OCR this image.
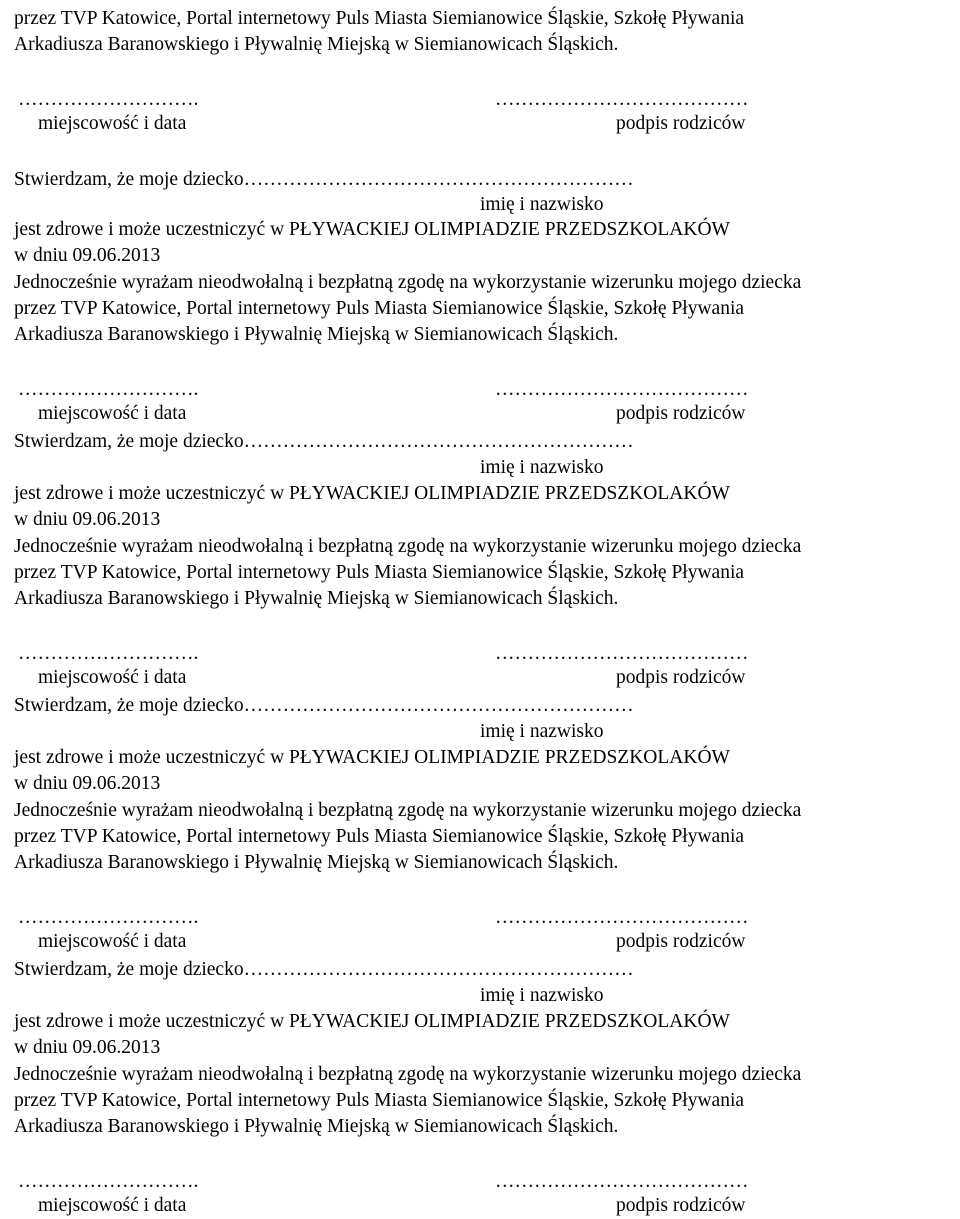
przez TVP Katowice, Portal internetowy Puls Miasta Siemianowice Śląskie, Szkołę Pływania
Arkadiusza Baranowskiego i Pływalnię Miejską w Siemianowicach Śląskich.
……………………….	…………………………………
miejscowość i data	podpis rodziców
Stwierdzam, że moje dziecko……………………………………………………
imię i nazwisko
jest zdrowe i może uczestniczyć w PŁYWACKIEJ OLIMPIADZIE PRZEDSZKOLAKÓW
w dniu 09.06.2013
Jednocześnie wyrażam nieodwołalną i bezpłatną zgodę na wykorzystanie wizerunku mojego dziecka
przez TVP Katowice, Portal internetowy Puls Miasta Siemianowice Śląskie, Szkołę Pływania
Arkadiusza Baranowskiego i Pływalnię Miejską w Siemianowicach Śląskich.
……………………….	…………………………………
miejscowość i data	podpis rodziców
Stwierdzam, że moje dziecko……………………………………………………
imię i nazwisko
jest zdrowe i może uczestniczyć w PŁYWACKIEJ OLIMPIADZIE PRZEDSZKOLAKÓW
w dniu 09.06.2013
Jednocześnie wyrażam nieodwołalną i bezpłatną zgodę na wykorzystanie wizerunku mojego dziecka
przez TVP Katowice, Portal internetowy Puls Miasta Siemianowice Śląskie, Szkołę Pływania
Arkadiusza Baranowskiego i Pływalnię Miejską w Siemianowicach Śląskich.
……………………….	…………………………………
miejscowość i data	podpis rodziców
Stwierdzam, że moje dziecko……………………………………………………
imię i nazwisko
jest zdrowe i może uczestniczyć w PŁYWACKIEJ OLIMPIADZIE PRZEDSZKOLAKÓW
w dniu 09.06.2013
Jednocześnie wyrażam nieodwołalną i bezpłatną zgodę na wykorzystanie wizerunku mojego dziecka
przez TVP Katowice, Portal internetowy Puls Miasta Siemianowice Śląskie, Szkołę Pływania
Arkadiusza Baranowskiego i Pływalnię Miejską w Siemianowicach Śląskich.
……………………….	…………………………………
miejscowość i data	podpis rodziców
Stwierdzam, że moje dziecko……………………………………………………
imię i nazwisko
jest zdrowe i może uczestniczyć w PŁYWACKIEJ OLIMPIADZIE PRZEDSZKOLAKÓW
w dniu 09.06.2013
Jednocześnie wyrażam nieodwołalną i bezpłatną zgodę na wykorzystanie wizerunku mojego dziecka
przez TVP Katowice, Portal internetowy Puls Miasta Siemianowice Śląskie, Szkołę Pływania
Arkadiusza Baranowskiego i Pływalnię Miejską w Siemianowicach Śląskich.
……………………….	…………………………………
miejscowość i data	podpis rodziców
